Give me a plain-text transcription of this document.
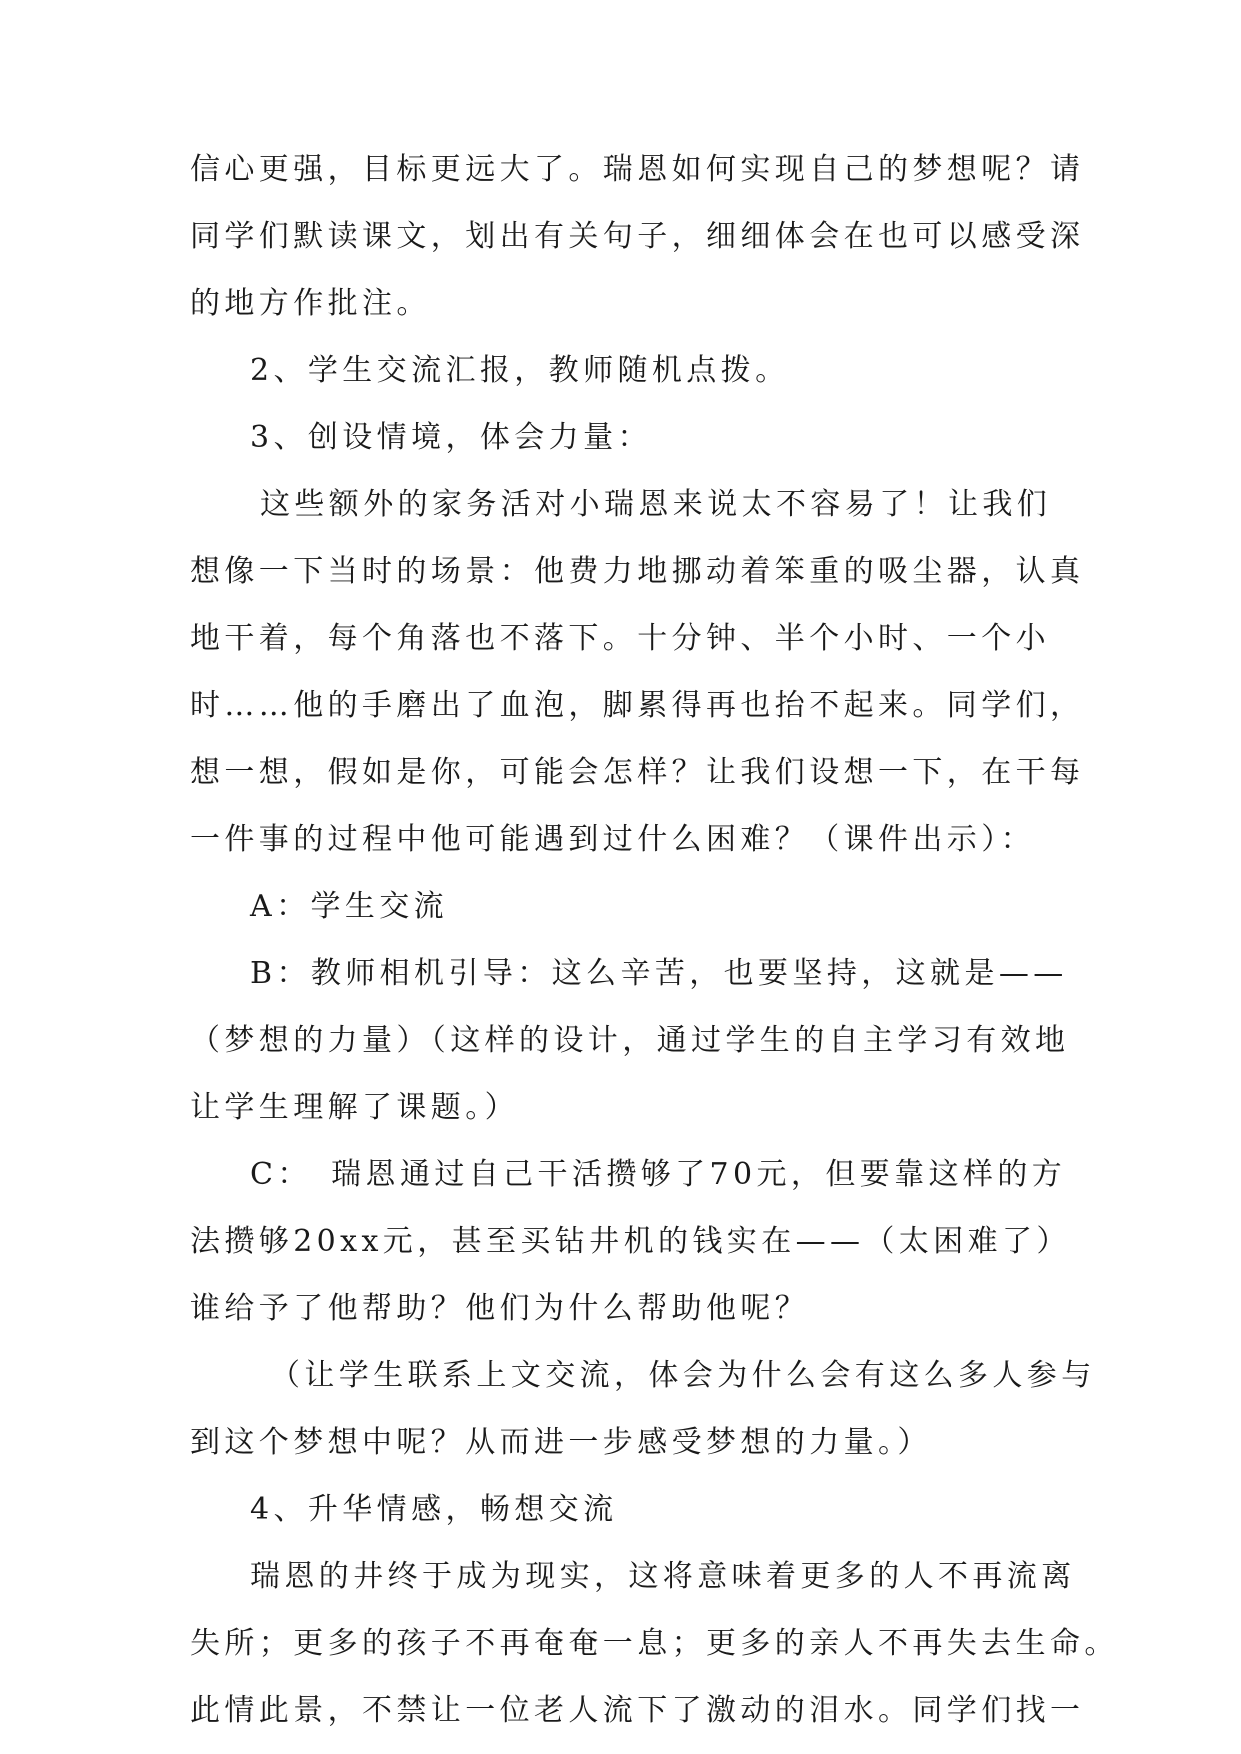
信心更强，目标更远大了。瑞恩如何实现自己的梦想呢？请
同学们默读课文，划出有关句子，细细体会在也可以感受深
的地方作批注。
2、学生交流汇报，教师随机点拨。
3、创设情境，体会力量：
这些额外的家务活对小瑞恩来说太不容易了！让我们
想像一下当时的场景：他费力地挪动着笨重的吸尘器，认真
地干着，每个角落也不落下。十分钟、半个小时、一个小
时……他的手磨出了血泡，脚累得再也抬不起来。同学们，
想一想，假如是你，可能会怎样？让我们设想一下，在干每
一件事的过程中他可能遇到过什么困难？（课件出示）：
A：学生交流
B：教师相机引导：这么辛苦，也要坚持，这就是——
（梦想的力量）（这样的设计，通过学生的自主学习有效地
让学生理解了课题。）
C：　瑞恩通过自己干活攒够了70元，但要靠这样的方
法攒够20xx元，甚至买钻井机的钱实在——（太困难了）
谁给予了他帮助？他们为什么帮助他呢？
（让学生联系上文交流，体会为什么会有这么多人参与
到这个梦想中呢？从而进一步感受梦想的力量。）
4、升华情感，畅想交流
瑞恩的井终于成为现实，这将意味着更多的人不再流离
失所；更多的孩子不再奄奄一息；更多的亲人不再失去生命。
此情此景，不禁让一位老人流下了激动的泪水。同学们找一
